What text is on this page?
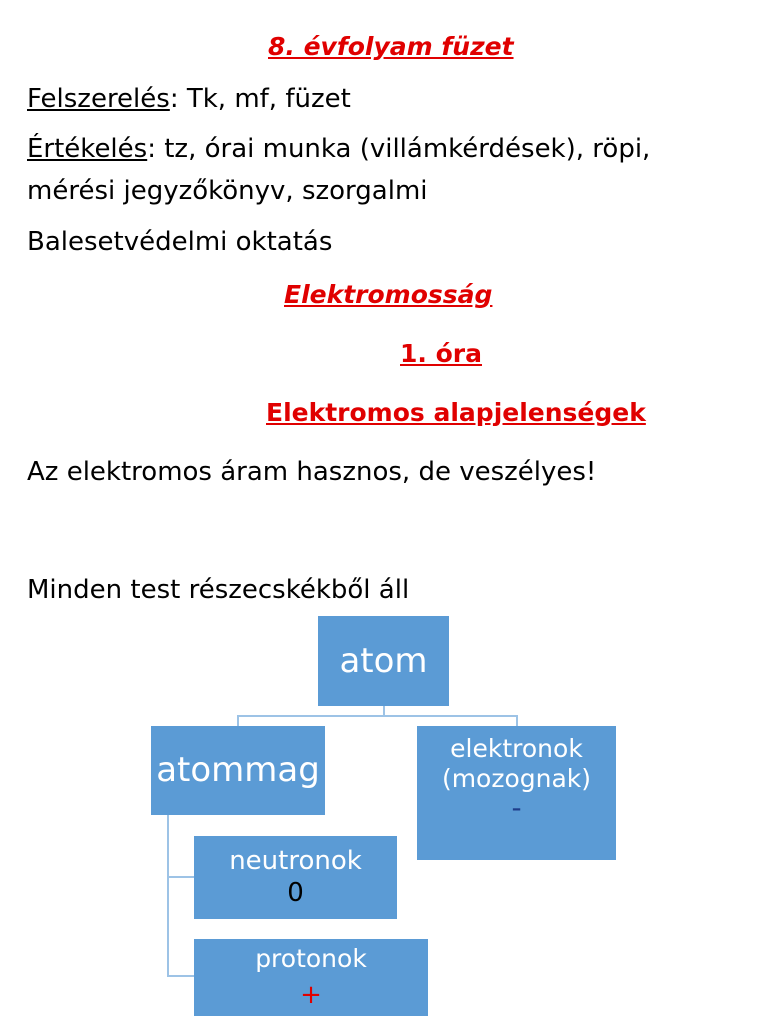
8. évfolyam füzet
Felszerelés: Tk, mf, füzet
Értékelés: tz, órai munka (villámkérdések), röpi,
mérési jegyzőkönyv, szorgalmi
Balesetvédelmi oktatás
Elektromosság
1. óra
Elektromos alapjelenségek
Az elektromos áram hasznos, de veszélyes!
Minden test részecskékből áll
atom
atommag
elektronok
(mozognak)
-
neutronok
0
protonok
+
